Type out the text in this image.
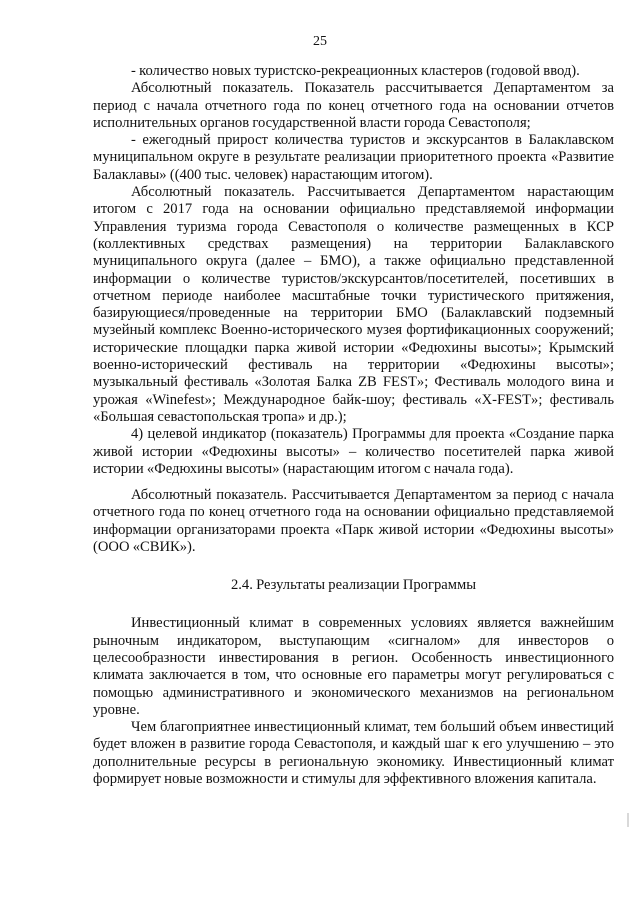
25

- количество новых туристско-рекреационных кластеров (годовой ввод).

Абсолютный показатель. Показатель рассчитывается Департаментом за период с начала отчетного года по конец отчетного года на основании отчетов исполнительных органов государственной власти города Севастополя;

- ежегодный прирост количества туристов и экскурсантов в Балаклавском муниципальном округе в результате реализации приоритетного проекта «Развитие Балаклавы» ((400 тыс. человек) нарастающим итогом).

Абсолютный показатель. Рассчитывается Департаментом нарастающим итогом с 2017 года на основании официально представляемой информации Управления туризма города Севастополя о количестве размещенных в КСР (коллективных средствах размещения) на территории Балаклавского муниципального округа (далее – БМО), а также официально представленной информации о количестве туристов/экскурсантов/посетителей, посетивших в отчетном периоде наиболее масштабные точки туристического притяжения, базирующиеся/проведенные на территории БМО (Балаклавский подземный музейный комплекс Военно-исторического музея фортификационных сооружений; исторические площадки парка живой истории «Федюхины высоты»; Крымский военно-исторический фестиваль на территории «Федюхины высоты»; музыкальный фестиваль «Золотая Балка ZB FEST»; Фестиваль молодого вина и урожая «Winefest»; Международное байк-шоу; фестиваль «X-FEST»; фестиваль «Большая севастопольская тропа» и др.);

4) целевой индикатор (показатель) Программы для проекта «Создание парка живой истории «Федюхины высоты» – количество посетителей парка живой истории «Федюхины высоты» (нарастающим итогом с начала года).

Абсолютный показатель. Рассчитывается Департаментом за период с начала отчетного года по конец отчетного года на основании официально представляемой информации организаторами проекта «Парк живой истории «Федюхины высоты» (ООО «СВИК»).

2.4. Результаты реализации Программы

Инвестиционный климат в современных условиях является важнейшим рыночным индикатором, выступающим «сигналом» для инвесторов о целесообразности инвестирования в регион. Особенность инвестиционного климата заключается в том, что основные его параметры могут регулироваться с помощью административного и экономического механизмов на региональном уровне.

Чем благоприятнее инвестиционный климат, тем больший объем инвестиций будет вложен в развитие города Севастополя, и каждый шаг к его улучшению – это дополнительные ресурсы в региональную экономику. Инвестиционный климат формирует новые возможности и стимулы для эффективного вложения капитала.
